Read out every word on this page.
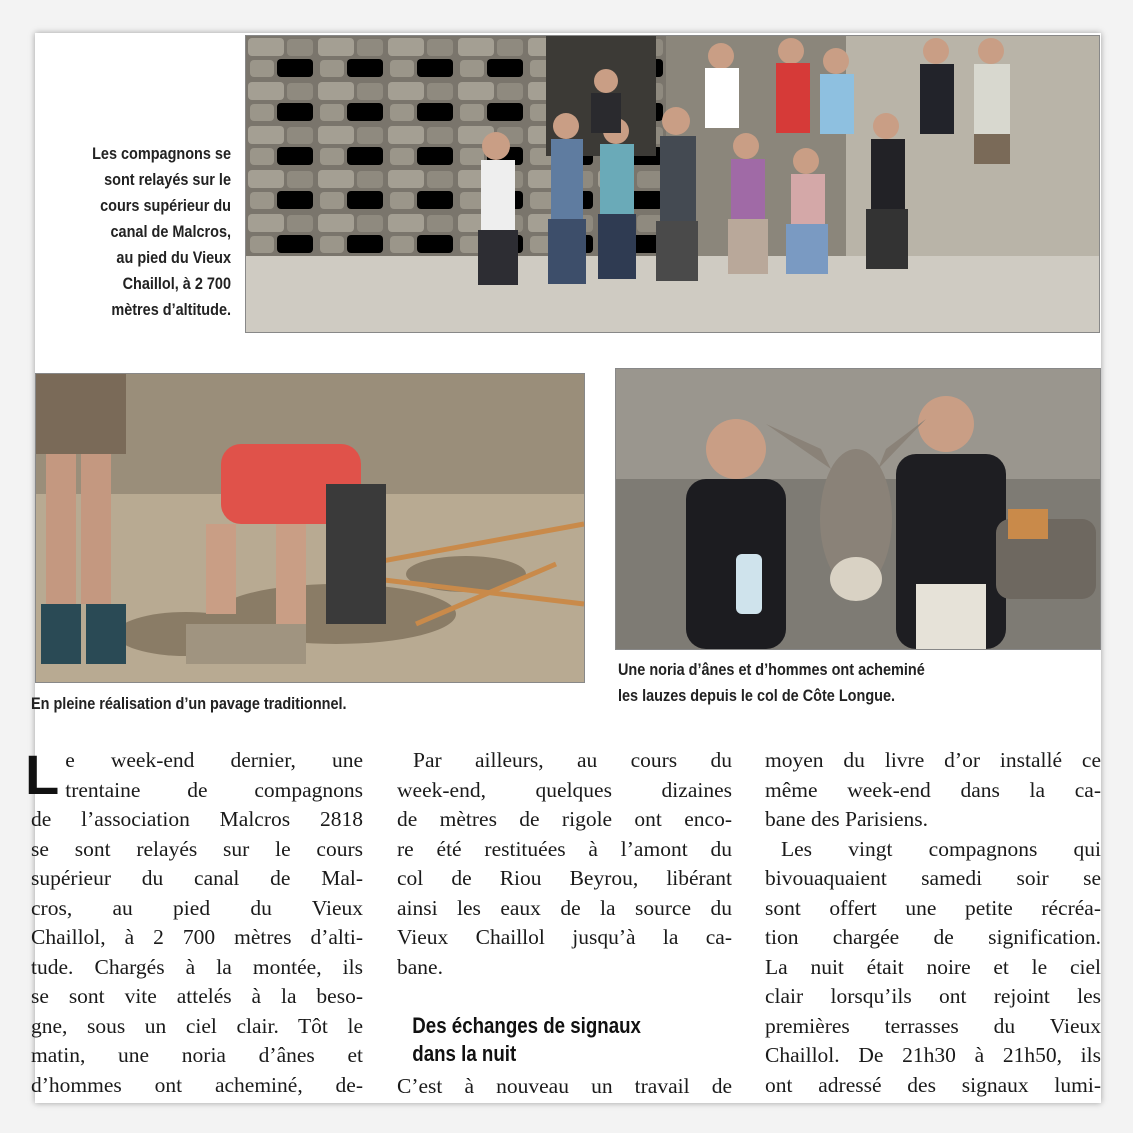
Les compagnons se
sont relayés sur le
cours supérieur du
canal de Malcros,
au pied du Vieux
Chaillol, à 2 700
mètres d’altitude.
En pleine réalisation d’un pavage traditionnel.
Une noria d’ânes et d’hommes ont acheminé
les lauzes depuis le col de Côte Longue.
L e week-end dernier, une
trentaine de compagnons
de l’association Malcros 2818
se sont relayés sur le cours
supérieur du canal de Mal-
cros, au pied du Vieux
Chaillol, à 2 700 mètres d’alti-
tude. Chargés à la montée, ils
se sont vite attelés à la beso-
gne, sous un ciel clair. Tôt le
matin, une noria d’ânes et
d’hommes ont acheminé, de-
Par ailleurs, au cours du
week-end, quelques dizaines
de mètres de rigole ont enco-
re été restituées à l’amont du
col de Riou Beyrou, libérant
ainsi les eaux de la source du
Vieux Chaillol jusqu’à la ca-
bane.
Des échanges de signaux
dans la nuit
C’est à nouveau un travail de
moyen du livre d’or installé ce
même week-end dans la ca-
bane des Parisiens.
Les vingt compagnons qui
bivouaquaient samedi soir se
sont offert une petite récréa-
tion chargée de signification.
La nuit était noire et le ciel
clair lorsqu’ils ont rejoint les
premières terrasses du Vieux
Chaillol. De 21h30 à 21h50, ils
ont adressé des signaux lumi-
